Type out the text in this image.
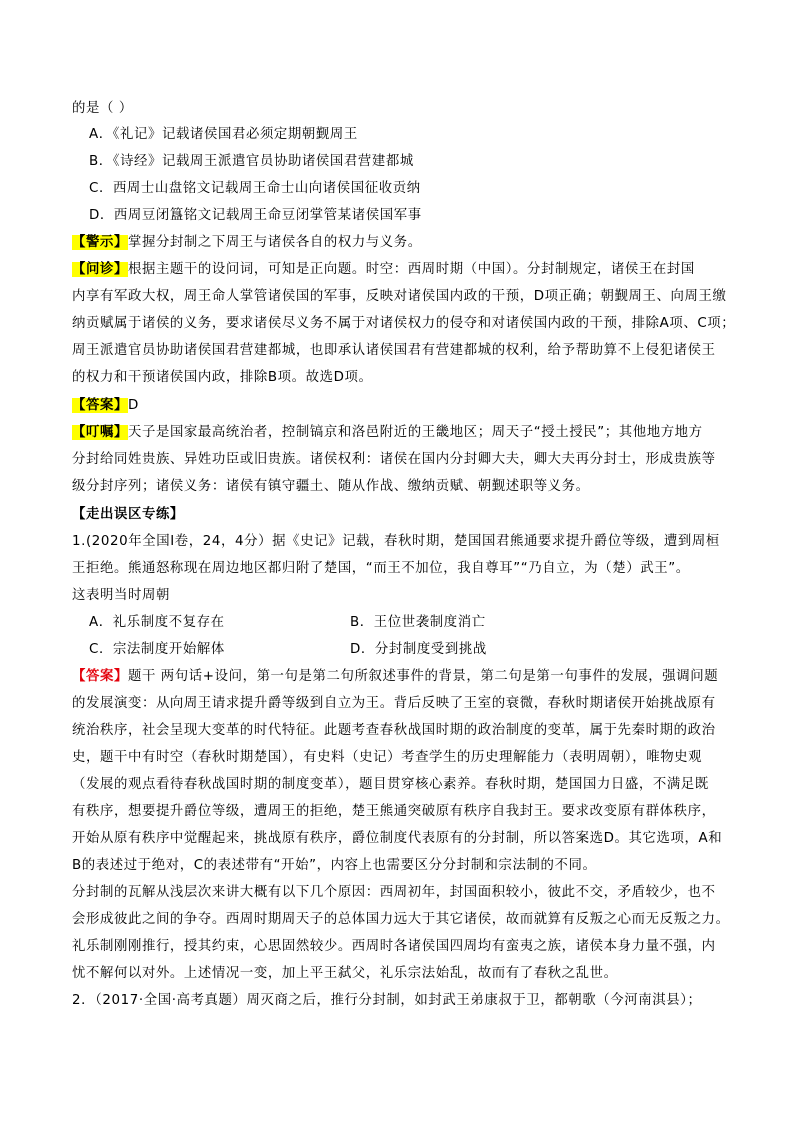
的是（ ）
A．《礼记》记载诸侯国君必须定期朝觐周王
B．《诗经》记载周王派遣官员协助诸侯国君营建都城
C．西周士山盘铭文记载周王命士山向诸侯国征收贡纳
D．西周豆闭簋铭文记载周王命豆闭掌管某诸侯国军事
【警示】掌握分封制之下周王与诸侯各自的权力与义务。
【问诊】根据主题干的设问词，可知是正向题。时空：西周时期（中国）。分封制规定，诸侯王在封国
内享有军政大权，周王命人掌管诸侯国的军事，反映对诸侯国内政的干预，D项正确；朝觐周王、向周王缴
纳贡赋属于诸侯的义务，要求诸侯尽义务不属于对诸侯权力的侵夺和对诸侯国内政的干预，排除A项、C项；
周王派遣官员协助诸侯国君营建都城，也即承认诸侯国君有营建都城的权利，给予帮助算不上侵犯诸侯王
的权力和干预诸侯国内政，排除B项。故选D项。
【答案】D
【叮嘱】天子是国家最高统治者，控制镐京和洛邑附近的王畿地区；周天子“授土授民”；其他地方地方
分封给同姓贵族、异姓功臣或旧贵族。诸侯权利：诸侯在国内分封卿大夫，卿大夫再分封士，形成贵族等
级分封序列；诸侯义务：诸侯有镇守疆土、随从作战、缴纳贡赋、朝觐述职等义务。
【走出误区专练】
1.(2020年全国Ⅰ卷，24，4分）据《史记》记载，春秋时期，楚国国君熊通要求提升爵位等级，遭到周桓
王拒绝。熊通怒称现在周边地区都归附了楚国，“而王不加位，我自尊耳”“乃自立，为（楚）武王”。
这表明当时周朝
A．礼乐制度不复存在	B．王位世袭制度消亡
C．宗法制度开始解体	D．分封制度受到挑战
【答案】题干 两句话+设问，第一句是第二句所叙述事件的背景，第二句是第一句事件的发展，强调问题
的发展演变：从向周王请求提升爵等级到自立为王。背后反映了王室的衰微，春秋时期诸侯开始挑战原有
统治秩序，社会呈现大变革的时代特征。此题考查春秋战国时期的政治制度的变革，属于先秦时期的政治
史，题干中有时空（春秋时期楚国），有史料（史记）考查学生的历史理解能力（表明周朝），唯物史观
（发展的观点看待春秋战国时期的制度变革），题目贯穿核心素养。春秋时期，楚国国力日盛，不满足既
有秩序，想要提升爵位等级，遭周王的拒绝，楚王熊通突破原有秩序自我封王。要求改变原有群体秩序，
开始从原有秩序中觉醒起来，挑战原有秩序，爵位制度代表原有的分封制，所以答案选D。其它选项，A和
B的表述过于绝对，C的表述带有“开始”，内容上也需要区分分封制和宗法制的不同。
分封制的瓦解从浅层次来讲大概有以下几个原因：西周初年，封国面积较小，彼此不交，矛盾较少，也不
会形成彼此之间的争夺。西周时期周天子的总体国力远大于其它诸侯，故而就算有反叛之心而无反叛之力。
礼乐制刚刚推行，授其约束，心思固然较少。西周时各诸侯国四周均有蛮夷之族，诸侯本身力量不强，内
忧不解何以对外。上述情况一变，加上平王弑父，礼乐宗法始乱，故而有了春秋之乱世。
2．（2017·全国·高考真题）周灭商之后，推行分封制，如封武王弟康叔于卫，都朝歌（今河南淇县）；
